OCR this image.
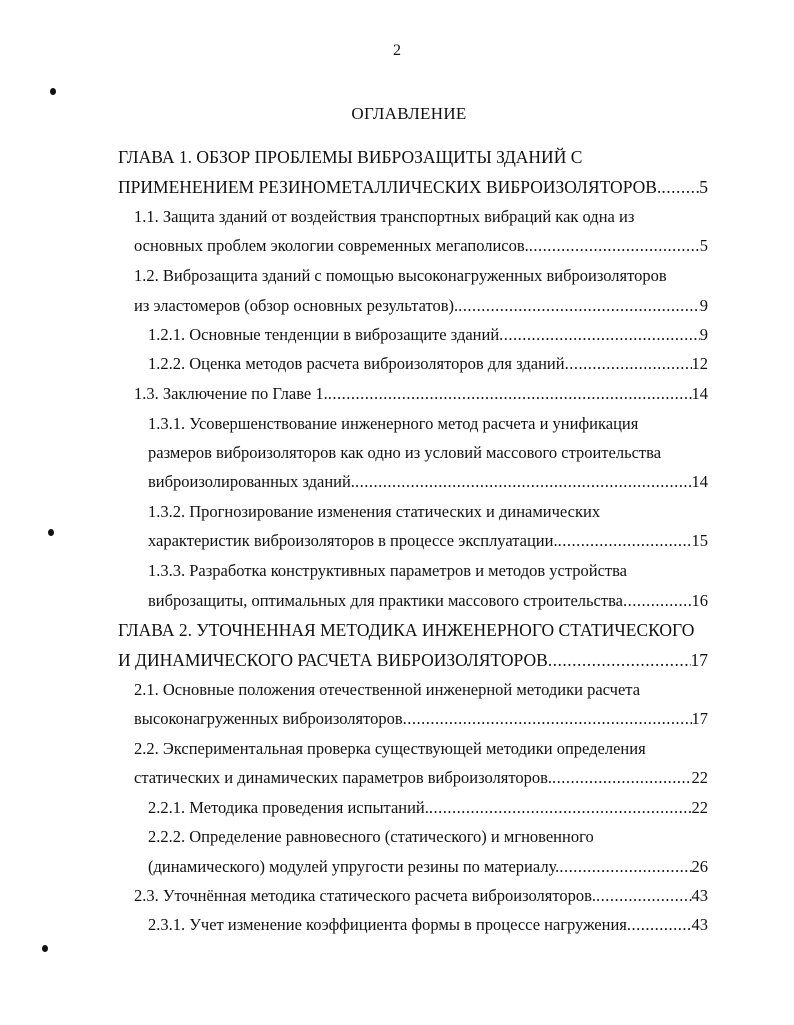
2
ОГЛАВЛЕНИЕ
ГЛАВА 1. ОБЗОР ПРОБЛЕМЫ ВИБРОЗАЩИТЫ ЗДАНИЙ С
ПРИМЕНЕНИЕМ РЕЗИНОМЕТАЛЛИЧЕСКИХ ВИБРОИЗОЛЯТОРОВ. ..... 5
1.1. Защита зданий от воздействия транспортных вибраций как одна из
основных проблем экологии современных мегаполисов. .....	5
1.2. Виброзащита зданий с помощью высоконагруженных виброизоляторов
из эластомеров (обзор основных результатов). .....	9
1.2.1. Основные тенденции в виброзащите зданий .....	9
1.2.2. Оценка методов расчета виброизоляторов для зданий .....	12
1.3. Заключение по Главе 1. .....	14
1.3.1. Усовершенствование инженерного метод расчета и унификация
размеров виброизоляторов как одно из условий массового строительства
виброизолированных зданий. .....	14
1.3.2. Прогнозирование изменения статических и динамических
характеристик виброизоляторов в процессе эксплуатации. .....	15
1.3.3. Разработка конструктивных параметров и методов устройства
виброзащиты, оптимальных для практики массового строительства .....	16
ГЛАВА 2. УТОЧНЕННАЯ МЕТОДИКА ИНЖЕНЕРНОГО СТАТИЧЕСКОГО
И ДИНАМИЧЕСКОГО РАСЧЕТА ВИБРОИЗОЛЯТОРОВ .....	17
2.1. Основные положения отечественной инженерной методики расчета
высоконагруженных виброизоляторов .....	17
2.2. Экспериментальная проверка существующей методики определения
статических и динамических параметров виброизоляторов. .....	22
2.2.1. Методика проведения испытаний. .....	22
2.2.2. Определение равновесного (статического) и мгновенного
(динамического) модулей упругости резины по материалу. .....	26
2.3. Уточнённая методика статического расчета виброизоляторов. .....	43
2.3.1. Учет изменение коэффициента формы в процессе нагружения .....	43
